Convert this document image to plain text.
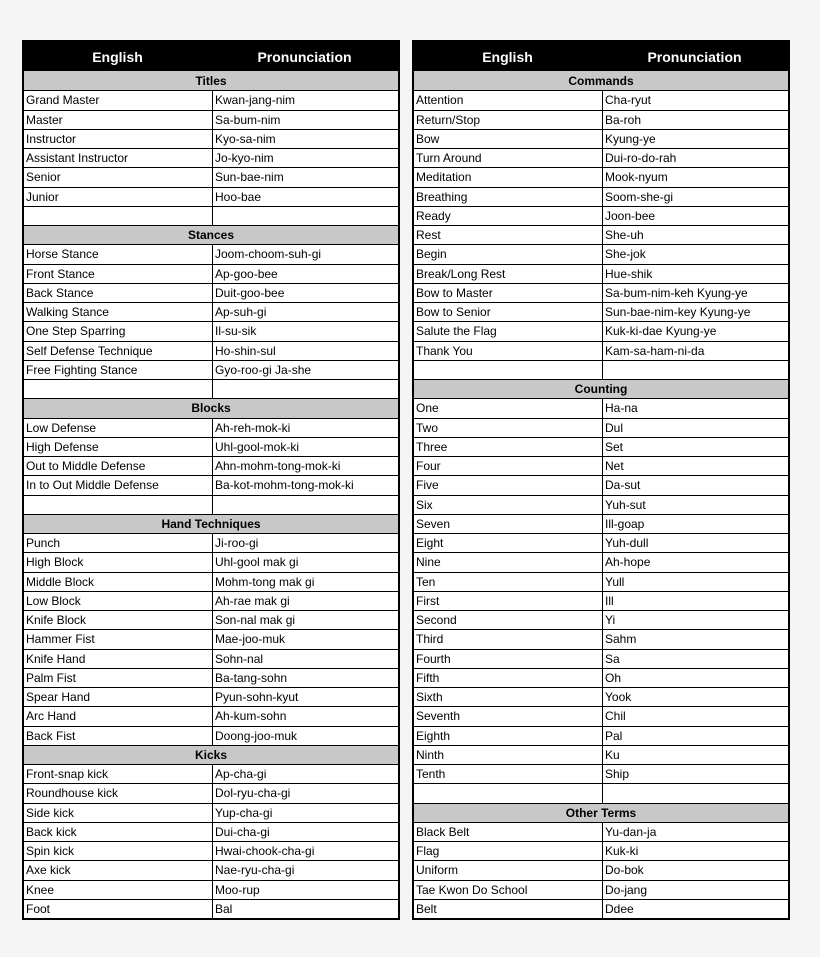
English	Pronunciation
Titles
Grand Master	Kwan-jang-nim
Master	Sa-bum-nim
Instructor	Kyo-sa-nim
Assistant Instructor	Jo-kyo-nim
Senior	Sun-bae-nim
Junior	Hoo-bae
Stances
Horse Stance	Joom-choom-suh-gi
Front Stance	Ap-goo-bee
Back Stance	Duit-goo-bee
Walking Stance	Ap-suh-gi
One Step Sparring	Il-su-sik
Self Defense Technique	Ho-shin-sul
Free Fighting Stance	Gyo-roo-gi Ja-she
Blocks
Low Defense	Ah-reh-mok-ki
High Defense	Uhl-gool-mok-ki
Out to Middle Defense	Ahn-mohm-tong-mok-ki
In to Out Middle Defense	Ba-kot-mohm-tong-mok-ki
Hand Techniques
Punch	Ji-roo-gi
High Block	Uhl-gool mak gi
Middle Block	Mohm-tong mak gi
Low Block	Ah-rae mak gi
Knife Block	Son-nal mak gi
Hammer Fist	Mae-joo-muk
Knife Hand	Sohn-nal
Palm Fist	Ba-tang-sohn
Spear Hand	Pyun-sohn-kyut
Arc Hand	Ah-kum-sohn
Back Fist	Doong-joo-muk
Kicks
Front-snap kick	Ap-cha-gi
Roundhouse kick	Dol-ryu-cha-gi
Side kick	Yup-cha-gi
Back kick	Dui-cha-gi
Spin kick	Hwai-chook-cha-gi
Axe kick	Nae-ryu-cha-gi
Knee	Moo-rup
Foot	Bal
English	Pronunciation
Commands
Attention	Cha-ryut
Return/Stop	Ba-roh
Bow	Kyung-ye
Turn Around	Dui-ro-do-rah
Meditation	Mook-nyum
Breathing	Soom-she-gi
Ready	Joon-bee
Rest	She-uh
Begin	She-jok
Break/Long Rest	Hue-shik
Bow to Master	Sa-bum-nim-keh Kyung-ye
Bow to Senior	Sun-bae-nim-key Kyung-ye
Salute the Flag	Kuk-ki-dae Kyung-ye
Thank You	Kam-sa-ham-ni-da
Counting
One	Ha-na
Two	Dul
Three	Set
Four	Net
Five	Da-sut
Six	Yuh-sut
Seven	Ill-goap
Eight	Yuh-dull
Nine	Ah-hope
Ten	Yull
First	Ill
Second	Yi
Third	Sahm
Fourth	Sa
Fifth	Oh
Sixth	Yook
Seventh	Chil
Eighth	Pal
Ninth	Ku
Tenth	Ship
Other Terms
Black Belt	Yu-dan-ja
Flag	Kuk-ki
Uniform	Do-bok
Tae Kwon Do School	Do-jang
Belt	Ddee
